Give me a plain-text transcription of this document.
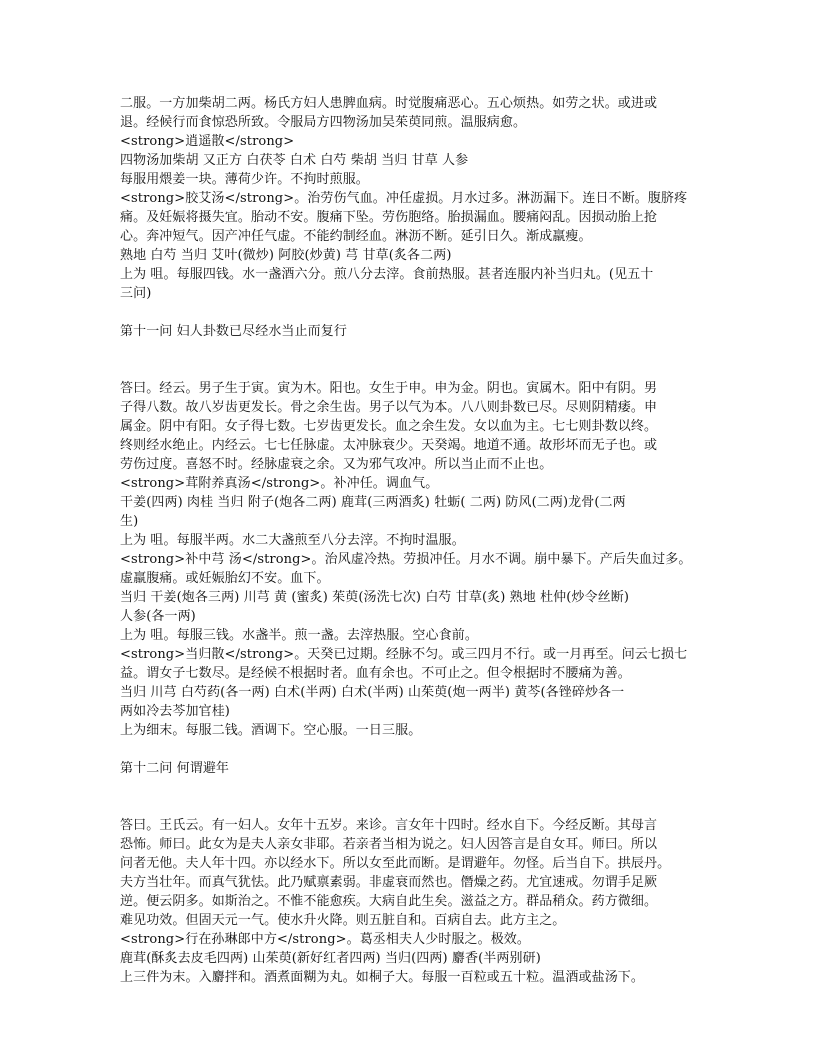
二服。一方加柴胡二两。杨氏方妇人患脾血病。时觉腹痛恶心。五心烦热。如劳之状。或进或
退。经候行而食惊恐所致。令服局方四物汤加吴茱萸同煎。温服病愈。
<strong>逍遥散</strong>
四物汤加柴胡 又正方 白茯苓 白术 白芍 柴胡 当归 甘草 人参
每服用煨姜一块。薄荷少许。不拘时煎服。
<strong>胶艾汤</strong>。治劳伤气血。冲任虚损。月水过多。淋沥漏下。连日不断。腹脐疼
痛。及妊娠将摄失宜。胎动不安。腹痛下坠。劳伤胞络。胎损漏血。腰痛闷乱。因损动胎上抢
心。奔冲短气。因产冲任气虚。不能约制经血。淋沥不断。延引日久。渐成羸瘦。
熟地 白芍 当归 艾叶(微炒) 阿胶(炒黄) 芎 甘草(炙各二两)
上为 咀。每服四钱。水一盏酒六分。煎八分去滓。食前热服。甚者连服内补当归丸。(见五十
三问)
第十一问 妇人卦数已尽经水当止而复行
答曰。经云。男子生于寅。寅为木。阳也。女生于申。申为金。阴也。寅属木。阳中有阴。男
子得八数。故八岁齿更发长。骨之余生齿。男子以气为本。八八则卦数已尽。尽则阴精痿。申
属金。阴中有阳。女子得七数。七岁齿更发长。血之余生发。女以血为主。七七则卦数以终。
终则经水绝止。内经云。七七任脉虚。太冲脉衰少。天癸竭。地道不通。故形坏而无子也。或
劳伤过度。喜怒不时。经脉虚衰之余。又为邪气攻冲。所以当止而不止也。
<strong>茸附养真汤</strong>。补冲任。调血气。
干姜(四两) 肉桂 当归 附子(炮各二两) 鹿茸(三两酒炙) 牡蛎( 二两) 防风(二两)龙骨(二两
生)
上为 咀。每服半两。水二大盏煎至八分去滓。不拘时温服。
<strong>补中芎 汤</strong>。治风虚冷热。劳损冲任。月水不调。崩中暴下。产后失血过多。
虚羸腹痛。或妊娠胎幻不安。血下。
当归 干姜(炮各三两) 川芎 黄 (蜜炙) 茱萸(汤洗七次) 白芍 甘草(炙) 熟地 杜仲(炒令丝断)
人参(各一两)
上为 咀。每服三钱。水盏半。煎一盏。去滓热服。空心食前。
<strong>当归散</strong>。天癸已过期。经脉不匀。或三四月不行。或一月再至。问云七损七
益。谓女子七数尽。是经候不根据时者。血有余也。不可止之。但令根据时不腰痛为善。
当归 川芎 白芍药(各一两) 白术(半两) 白术(半两) 山茱萸(炮一两半) 黄芩(各锉碎炒各一
两如冷去芩加官桂)
上为细末。每服二钱。酒调下。空心服。一日三服。
第十二问 何谓避年
答曰。王氏云。有一妇人。女年十五岁。来诊。言女年十四时。经水自下。今经反断。其母言
恐怖。师曰。此女为是夫人亲女非耶。若亲者当相为说之。妇人因答言是自女耳。师曰。所以
问者无他。夫人年十四。亦以经水下。所以女至此而断。是谓避年。勿怪。后当自下。拱辰丹。
夫方当壮年。而真气犹怯。此乃赋禀素弱。非虚衰而然也。僭燥之药。尤宜速戒。勿谓手足厥
逆。便云阴多。如斯治之。不惟不能愈疾。大病自此生矣。滋益之方。群品稍众。药方微细。
难见功效。但固天元一气。使水升火降。则五脏自和。百病自去。此方主之。
<strong>行在孙琳郎中方</strong>。葛丞相夫人少时服之。极效。
鹿茸(酥炙去皮毛四两) 山茱萸(新好红者四两) 当归(四两) 麝香(半两别研)
上三件为末。入麝拌和。酒煮面糊为丸。如桐子大。每服一百粒或五十粒。温酒或盐汤下。
